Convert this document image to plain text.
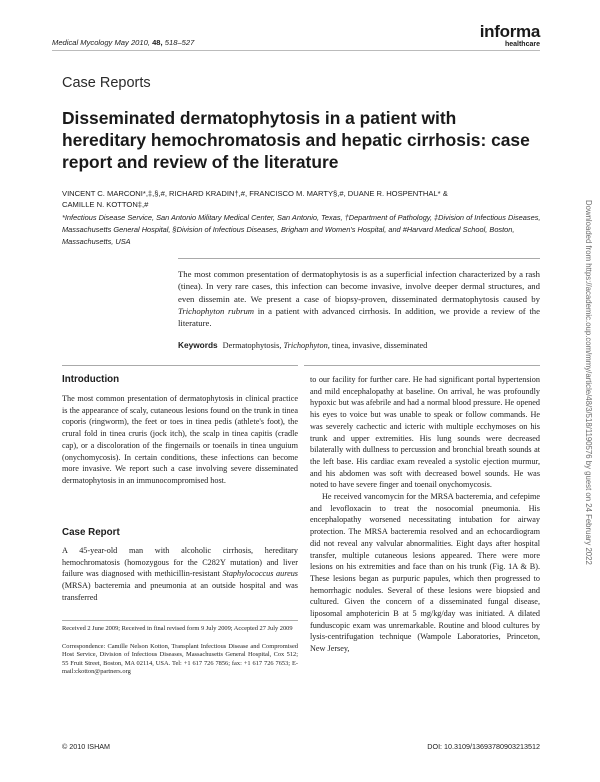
Medical Mycology May 2010, 48, 518–527
informa
healthcare
Case Reports
Disseminated dermatophytosis in a patient with hereditary hemochromatosis and hepatic cirrhosis: case report and review of the literature
VINCENT C. MARCONI*,‡,§,#, RICHARD KRADIN†,#, FRANCISCO M. MARTY§,#, DUANE R. HOSPENTHAL* &
CAMILLE N. KOTTON‡,#
*Infectious Disease Service, San Antonio Military Medical Center, San Antonio, Texas, †Department of Pathology, ‡Division of Infectious Diseases, Massachusetts General Hospital, §Division of Infectious Diseases, Brigham and Women's Hospital, and #Harvard Medical School, Boston, Massachusetts, USA
The most common presentation of dermatophytosis is as a superficial infection characterized by a rash (tinea). In very rare cases, this infection can become invasive, involve deeper dermal structures, and even dissemin ate. We present a case of biopsy-proven, disseminated dermatophytosis caused by Trichophyton rubrum in a patient with advanced cirrhosis. In addition, we provide a review of the literature.
Keywords Dermatophytosis, Trichophyton, tinea, invasive, disseminated
Introduction
The most common presentation of dermatophytosis in clinical practice is the appearance of scaly, cutaneous lesions found on the trunk in tinea coporis (ringworm), the feet or toes in tinea pedis (athlete's foot), the crural fold in tinea cruris (jock itch), the scalp in tinea capitis (cradle cap), or a discoloration of the fingernails or toenails in tinea unguium (onychomycosis). In certain conditions, these infections can become more invasive. We report such a case involving severe disseminated dermatophytosis in an immunocompromised host.
Case Report
A 45-year-old man with alcoholic cirrhosis, hereditary hemochromatosis (homozygous for the C282Y mutation) and liver failure was diagnosed with methicillin-resistant Staphylococcus aureus (MRSA) bacteremia and pneumonia at an outside hospital and was transferred
to our facility for further care. He had significant portal hypertension and mild encephalopathy at baseline. On arrival, he was profoundly hypoxic but was afebrile and had a normal blood pressure. He opened his eyes to voice but was unable to speak or follow commands. He was severely cachectic and icteric with multiple ecchymoses on his trunk and upper extremities. His lung sounds were decreased bilaterally with dullness to percussion and bronchial breath sounds at the left base. His cardiac exam revealed a systolic ejection murmur, and his abdomen was soft with decreased bowel sounds. He was noted to have severe finger and toenail onychomycosis.
He received vancomycin for the MRSA bacteremia, and cefepime and levofloxacin to treat the nosocomial pneumonia. His encephalopathy worsened necessitating intubation for airway protection. The MRSA bacteremia resolved and an echocardiogram did not reveal any valvular abnormalities. Eight days after hospital transfer, multiple cutaneous lesions appeared. There were more lesions on his extremities and face than on his trunk (Fig. 1A & B). These lesions began as purpuric papules, which then progressed to hemorrhagic nodules. Several of these lesions were biopsied and cultured. Given the concern of a disseminated fungal disease, liposomal amphotericin B at 5 mg/kg/day was initiated. A dilated funduscopic exam was unremarkable. Routine and blood cultures by lysis-centrifugation technique (Wampole Laboratories, Princeton, New Jersey,
Received 2 June 2009; Received in final revised form 9 July 2009; Accepted 27 July 2009
Correspondence: Camille Nelson Kotton, Transplant Infectious Disease and Compromised Host Service, Division of Infectious Diseases, Massachusetts General Hospital, Cox 512; 55 Fruit Street, Boston, MA 02114, USA. Tel: +1 617 726 7856; fax: +1 617 726 7653; E-mail:ckotton@partners.org
© 2010 ISHAM	DOI: 10.3109/13693780903213512
Downloaded from https://academic.oup.com/mmy/article/48/3/518/1190576 by guest on 24 February 2022
